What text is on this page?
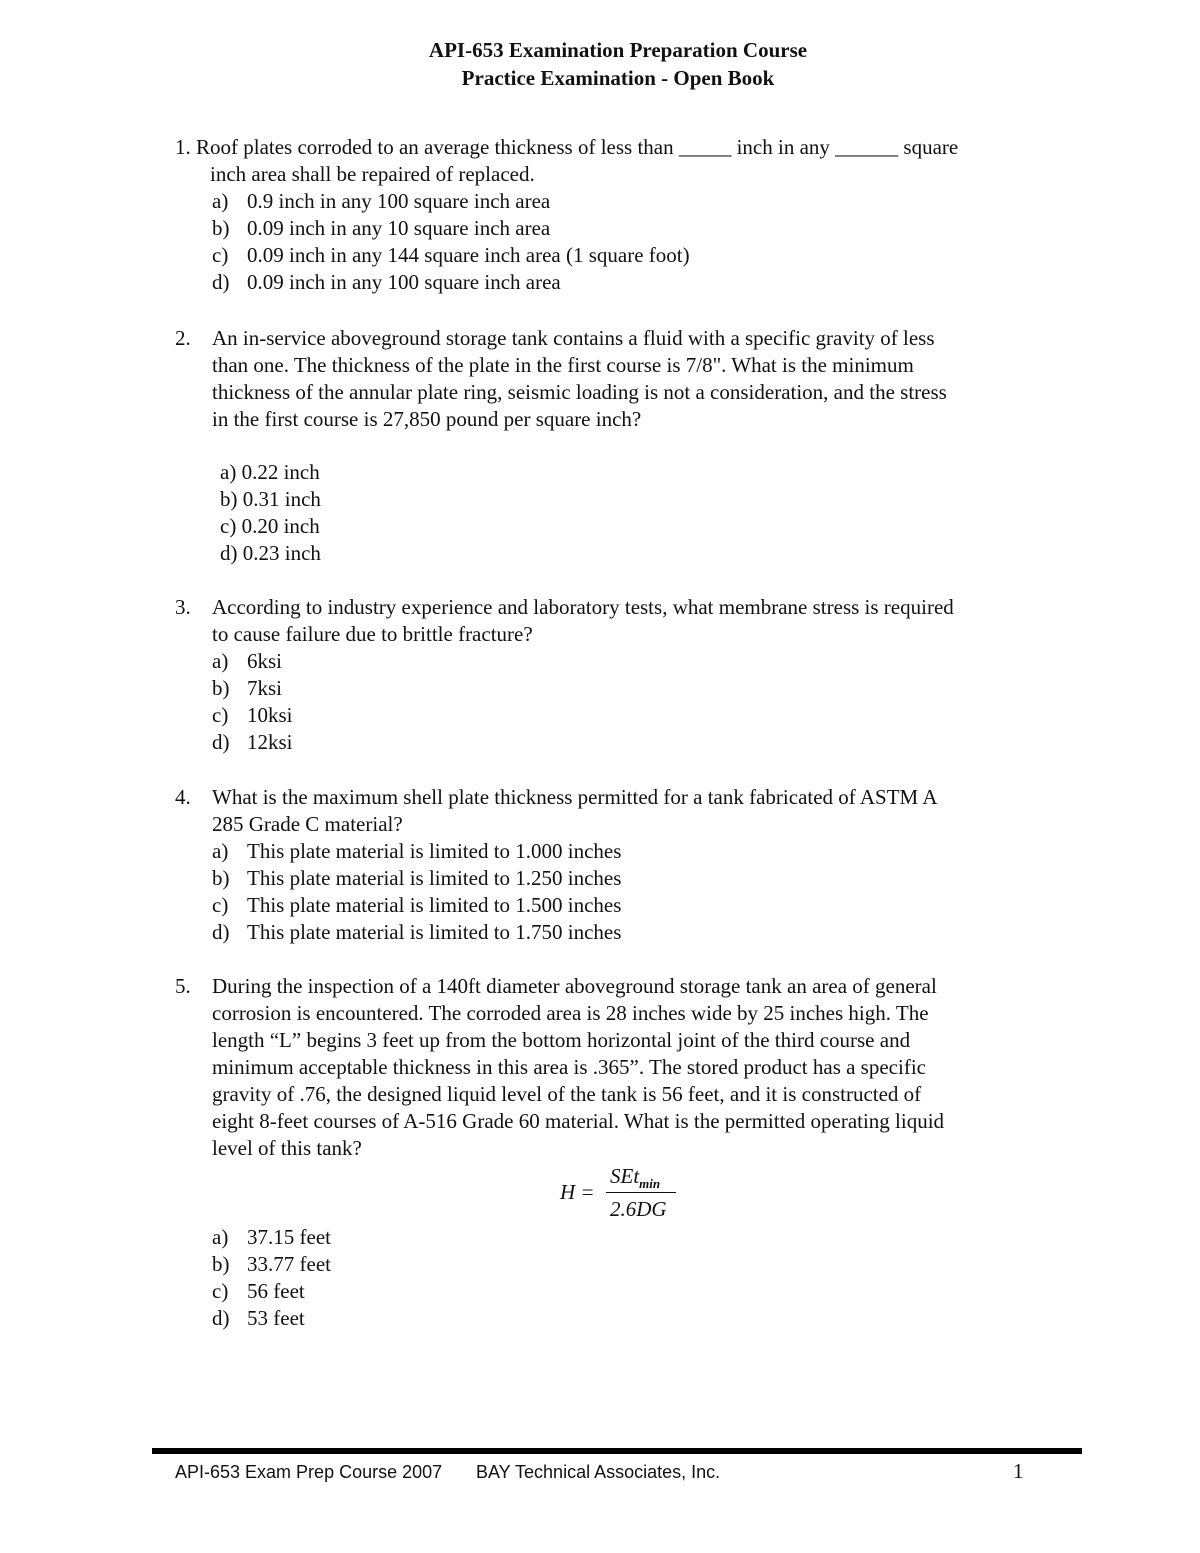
API-653 Examination Preparation Course
Practice Examination - Open Book
1. Roof plates corroded to an average thickness of less than _____ inch in any ______ square
inch area shall be repaired of replaced.
a) 0.9 inch in any 100 square inch area
b) 0.09 inch in any 10 square inch area
c) 0.09 inch in any 144 square inch area (1 square foot)
d) 0.09 inch in any 100 square inch area
2. An in-service aboveground storage tank contains a fluid with a specific gravity of less
than one. The thickness of the plate in the first course is 7/8". What is the minimum
thickness of the annular plate ring, seismic loading is not a consideration, and the stress
in the first course is 27,850 pound per square inch?
a) 0.22 inch
b) 0.31 inch
c) 0.20 inch
d) 0.23 inch
3. According to industry experience and laboratory tests, what membrane stress is required
to cause failure due to brittle fracture?
a) 6ksi
b) 7ksi
c) 10ksi
d) 12ksi
4. What is the maximum shell plate thickness permitted for a tank fabricated of ASTM A
285 Grade C material?
a) This plate material is limited to 1.000 inches
b) This plate material is limited to 1.250 inches
c) This plate material is limited to 1.500 inches
d) This plate material is limited to 1.750 inches
5. During the inspection of a 140ft diameter aboveground storage tank an area of general
corrosion is encountered. The corroded area is 28 inches wide by 25 inches high. The
length “L” begins 3 feet up from the bottom horizontal joint of the third course and
minimum acceptable thickness in this area is .365”. The stored product has a specific
gravity of .76, the designed liquid level of the tank is 56 feet, and it is constructed of
eight 8-feet courses of A-516 Grade 60 material. What is the permitted operating liquid
level of this tank?
H =
SEt$_{min}$
2.6DG
a) 37.15 feet
b) 33.77 feet
c) 56 feet
d) 53 feet
API-653 Exam Prep Course 2007 BAY Technical Associates, Inc.	1
